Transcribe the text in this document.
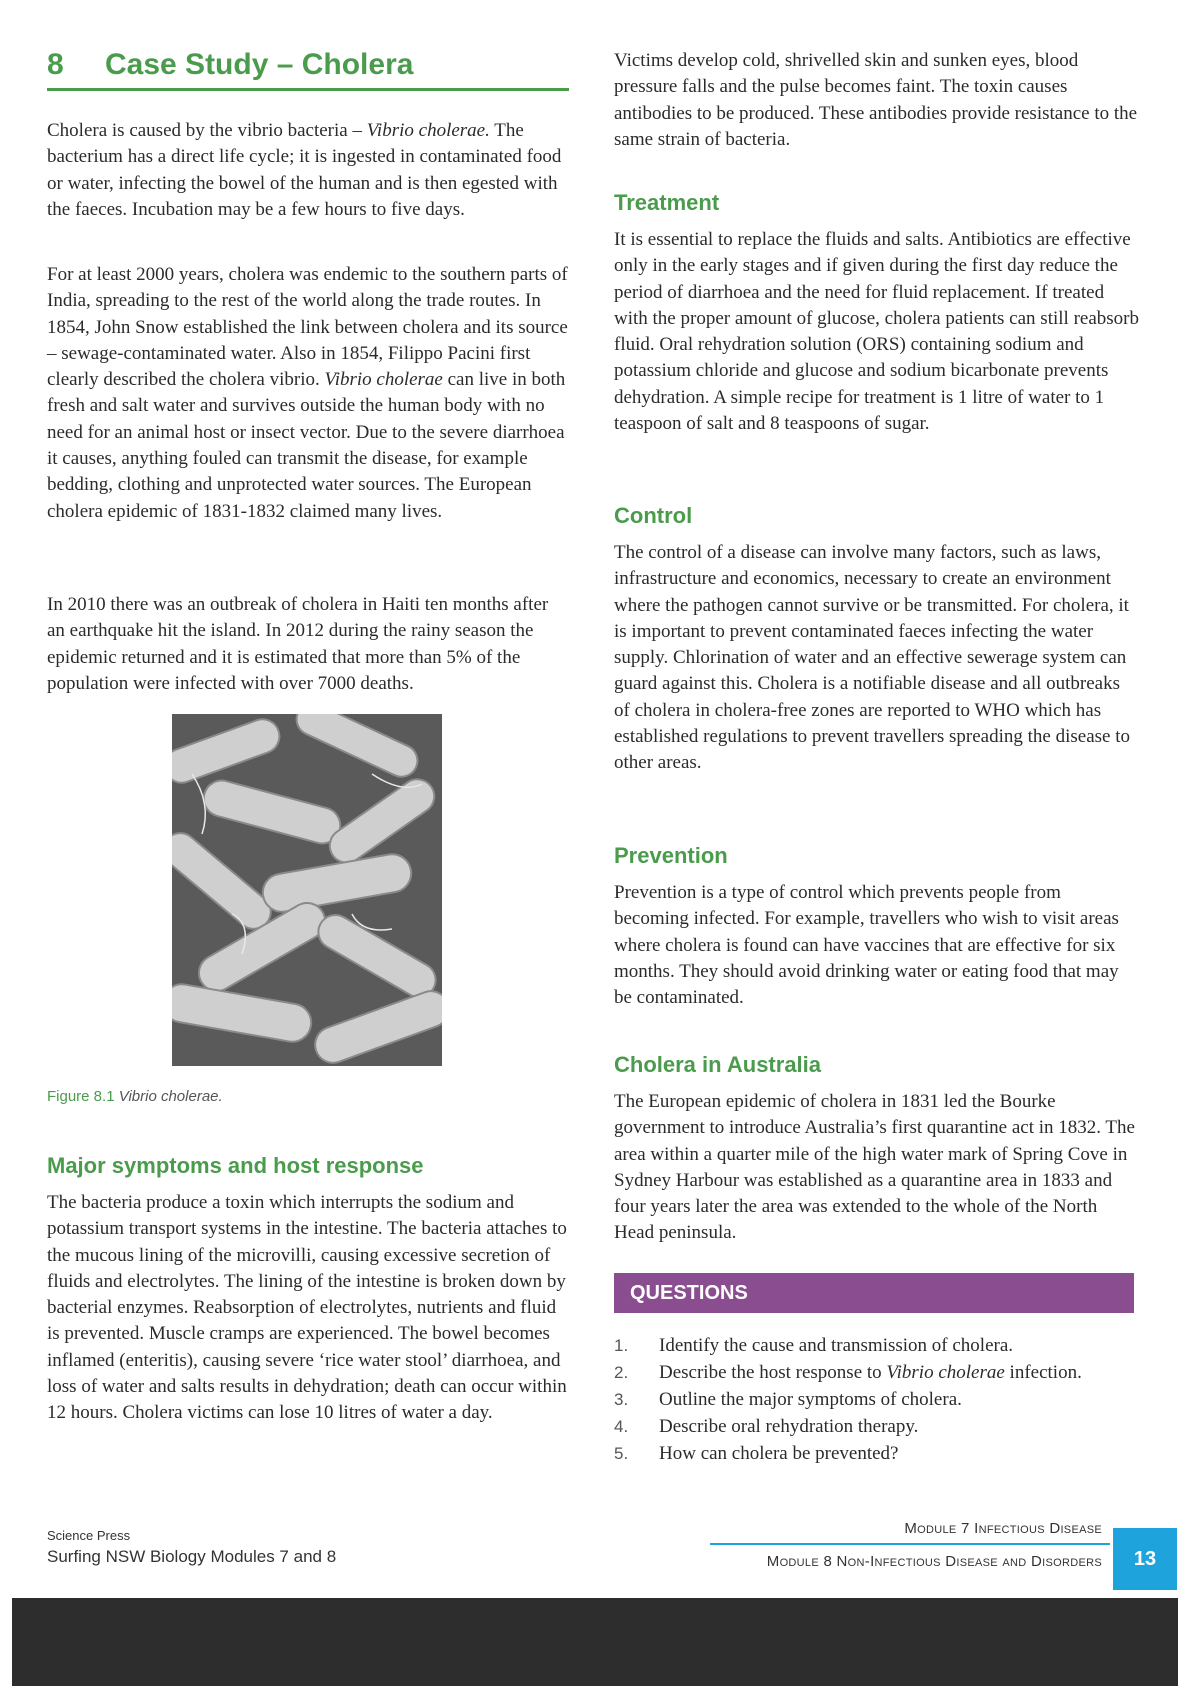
8 Case Study – Cholera

Cholera is caused by the vibrio bacteria – Vibrio cholerae. The bacterium has a direct life cycle; it is ingested in contaminated food or water, infecting the bowel of the human and is then egested with the faeces. Incubation may be a few hours to five days.

For at least 2000 years, cholera was endemic to the southern parts of India, spreading to the rest of the world along the trade routes. In 1854, John Snow established the link between cholera and its source – sewage-contaminated water. Also in 1854, Filippo Pacini first clearly described the cholera vibrio. Vibrio cholerae can live in both fresh and salt water and survives outside the human body with no need for an animal host or insect vector. Due to the severe diarrhoea it causes, anything fouled can transmit the disease, for example bedding, clothing and unprotected water sources. The European cholera epidemic of 1831-1832 claimed many lives.

In 2010 there was an outbreak of cholera in Haiti ten months after an earthquake hit the island. In 2012 during the rainy season the epidemic returned and it is estimated that more than 5% of the population were infected with over 7000 deaths.

Figure 8.1 Vibrio cholerae.
Major symptoms and host response

The bacteria produce a toxin which interrupts the sodium and potassium transport systems in the intestine. The bacteria attaches to the mucous lining of the microvilli, causing excessive secretion of fluids and electrolytes. The lining of the intestine is broken down by bacterial enzymes. Reabsorption of electrolytes, nutrients and fluid is prevented. Muscle cramps are experienced. The bowel becomes inflamed (enteritis), causing severe ‘rice water stool’ diarrhoea, and loss of water and salts results in dehydration; death can occur within 12 hours. Cholera victims can lose 10 litres of water a day.

Victims develop cold, shrivelled skin and sunken eyes, blood pressure falls and the pulse becomes faint. The toxin causes antibodies to be produced. These antibodies provide resistance to the same strain of bacteria.

Treatment

It is essential to replace the fluids and salts. Antibiotics are effective only in the early stages and if given during the first day reduce the period of diarrhoea and the need for fluid replacement. If treated with the proper amount of glucose, cholera patients can still reabsorb fluid. Oral rehydration solution (ORS) containing sodium and potassium chloride and glucose and sodium bicarbonate prevents dehydration. A simple recipe for treatment is 1 litre of water to 1 teaspoon of salt and 8 teaspoons of sugar.

Control

The control of a disease can involve many factors, such as laws, infrastructure and economics, necessary to create an environment where the pathogen cannot survive or be transmitted. For cholera, it is important to prevent contaminated faeces infecting the water supply. Chlorination of water and an effective sewerage system can guard against this. Cholera is a notifiable disease and all outbreaks of cholera in cholera-free zones are reported to WHO which has established regulations to prevent travellers spreading the disease to other areas.

Prevention

Prevention is a type of control which prevents people from becoming infected. For example, travellers who wish to visit areas where cholera is found can have vaccines that are effective for six months. They should avoid drinking water or eating food that may be contaminated.

Cholera in Australia

The European epidemic of cholera in 1831 led the Bourke government to introduce Australia’s first quarantine act in 1832. The area within a quarter mile of the high water mark of Spring Cove in Sydney Harbour was established as a quarantine area in 1833 and four years later the area was extended to the whole of the North Head peninsula.

QUESTIONS
1.	Identify the cause and transmission of cholera.
2.	Describe the host response to Vibrio cholerae infection.
3.	Outline the major symptoms of cholera.
4.	Describe oral rehydration therapy.
5.	How can cholera be prevented?
Science Press
Surfing NSW Biology Modules 7 and 8
Module 7 Infectious Disease
Module 8 Non-Infectious Disease and Disorders	13
